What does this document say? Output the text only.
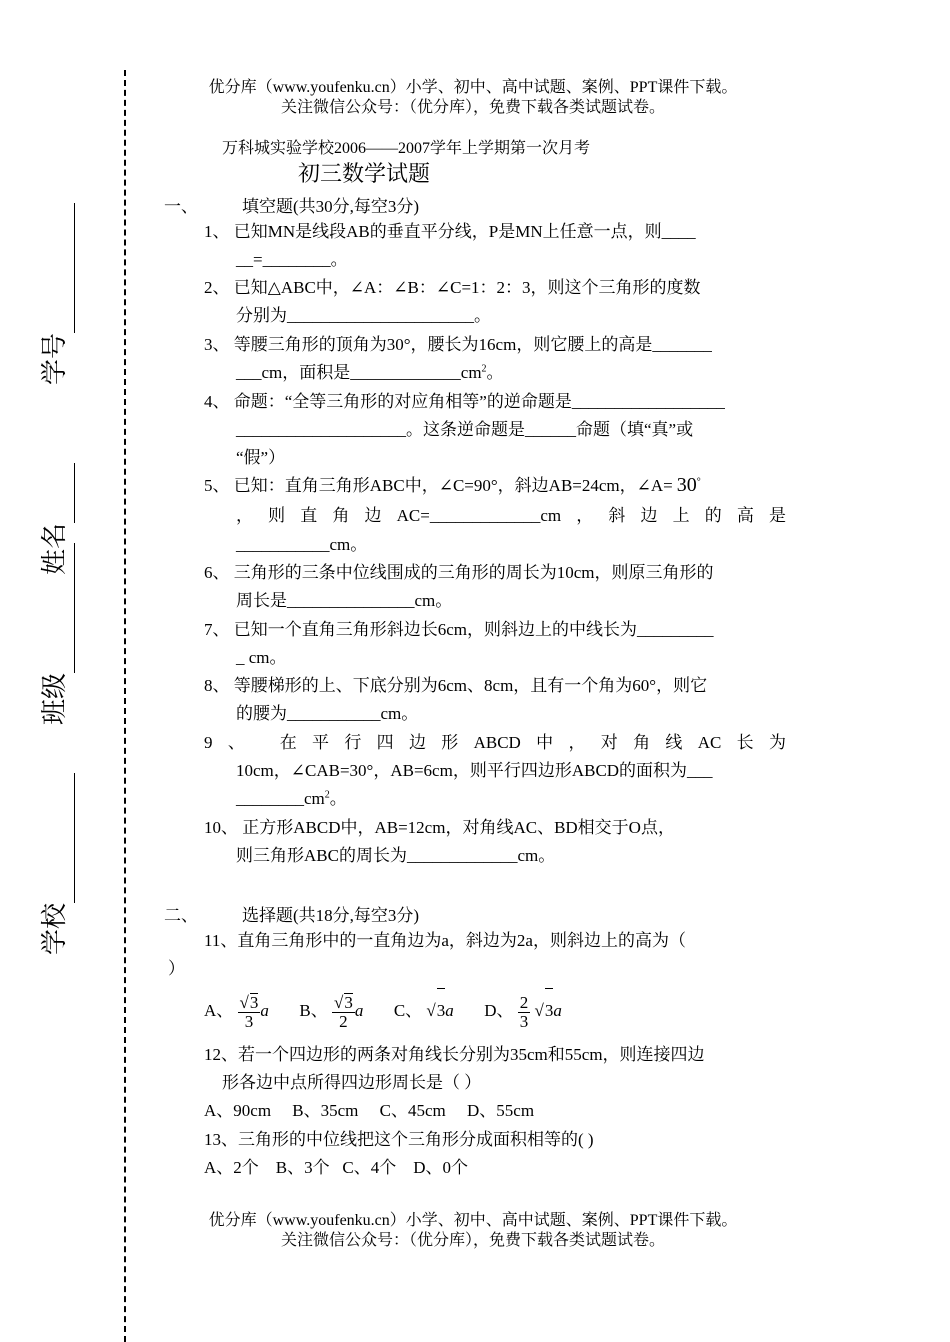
学校
班级
姓名
学号
优分库（www.youfenku.cn）小学、初中、高中试题、案例、PPT课件下载。
关注微信公众号：（优分库），免费下载各类试题试卷。
万科城实验学校2006——2007学年上学期第一次月考
初三数学试题
一、	填空题(共30分,每空3分)
1、 已知MN是线段AB的垂直平分线，P是MN上任意一点，则____
__=________。
2、 已知△ABC中，∠A：∠B：∠C=1：2：3，则这个三角形的度数
分别为______________________。
3、 等腰三角形的顶角为30°，腰长为16cm，则它腰上的高是_______
___cm，面积是$\_\_\_\_\_\_\_\_\_\_\_\_\_cm^2$。
4、 命题：“全等三角形的对应角相等”的逆命题是__________________
____________________。这条逆命题是______命题（填“真”或
“假”）
5、 已知：直角三角形ABC中，∠C=90°，斜边AB=24cm，∠A= 30°
，则直角边AC=_____________cm，斜边上的高是
___________cm。
6、 三角形的三条中位线围成的三角形的周长为10cm，则原三角形的
周长是_______________cm。
7、 已知一个直角三角形斜边长6cm，则斜边上的中线长为_________
_ cm。
8、 等腰梯形的上、下底分别为6cm、8cm，且有一个角为60°，则它
的腰为___________cm。
9、 在平行四边形ABCD中，对角线AC长为
10cm，∠CAB=30°，AB=6cm，则平行四边形ABCD的面积为___
$\_\_\_\_\_\_\_\_cm^2$。
10、 正方形ABCD中，AB=12cm，对角线AC、BD相交于O点，
则三角形ABC的周长为_____________cm。
二、	选择题(共18分,每空3分)
11、直角三角形中的一直角边为a，斜边为2a，则斜边上的高为（
）
A、 $\frac{√3}{3}$ a B、 $\frac{√3}{2}$ a C、 √3a D、 $\frac{2}{3} √3a$
12、若一个四边形的两条对角线长分别为35cm和55cm，则连接四边
形各边中点所得四边形周长是（ ）
A、90cm     B、35cm     C、45cm     D、55cm
13、三角形的中位线把这个三角形分成面积相等的( )
A、2个    B、3个   C、4个    D、0个
优分库（www.youfenku.cn）小学、初中、高中试题、案例、PPT课件下载。
关注微信公众号：（优分库），免费下载各类试题试卷。
